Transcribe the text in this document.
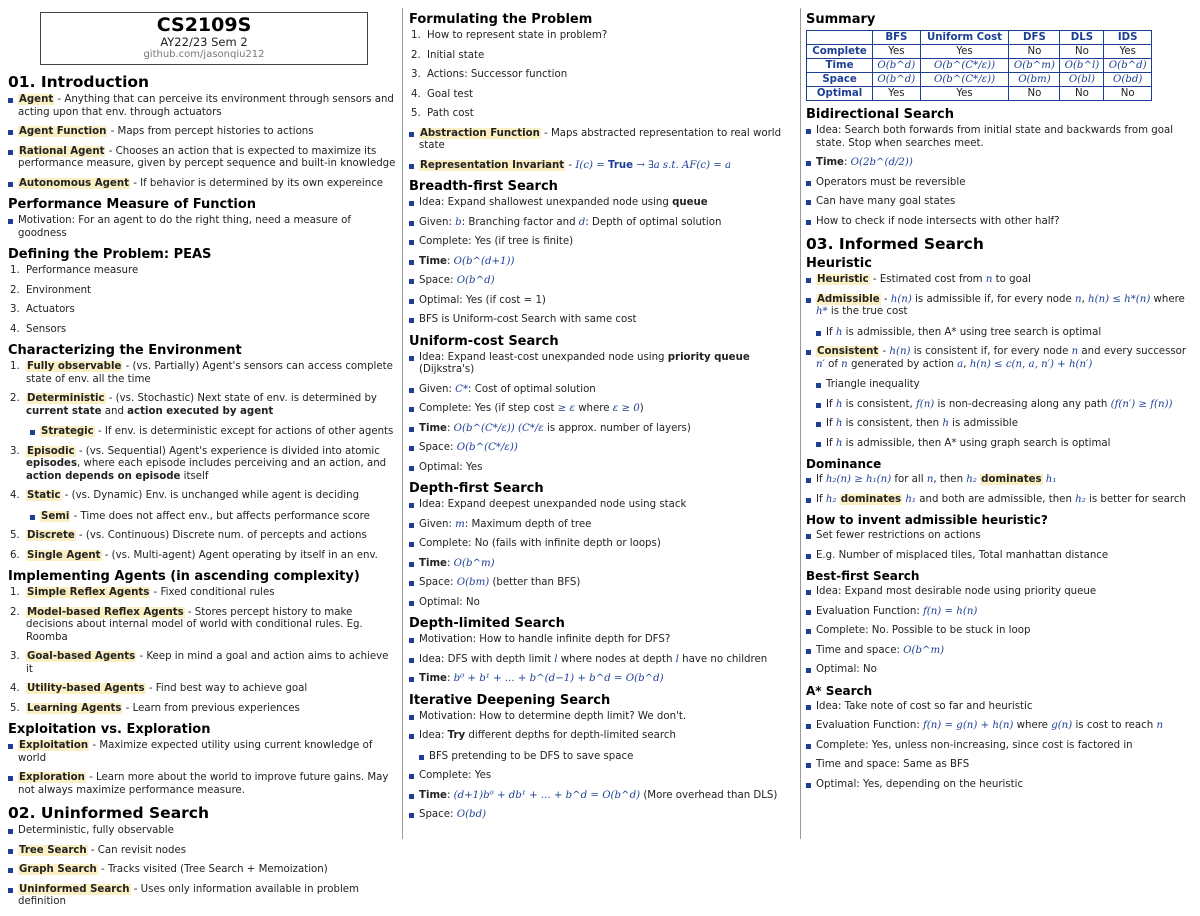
CS2109S
AY22/23 Sem 2
github.com/jasonqiu212
01. Introduction
Agent - Anything that can perceive its environment through sensors and acting upon that env. through actuators
Agent Function - Maps from percept histories to actions
Rational Agent - Chooses an action that is expected to maximize its performance measure, given by percept sequence and built-in knowledge
Autonomous Agent - If behavior is determined by its own expereince
Performance Measure of Function
Motivation: For an agent to do the right thing, need a measure of goodness
Defining the Problem: PEAS
Performance measure
Environment
Actuators
Sensors
Characterizing the Environment
Fully observable - (vs. Partially) Agent's sensors can access complete state of env. all the time
Deterministic - (vs. Stochastic) Next state of env. is determined by current state and action executed by agent
Strategic - If env. is deterministic except for actions of other agents
Episodic - (vs. Sequential) Agent's experience is divided into atomic episodes, where each episode includes perceiving and an action, and action depends on episode itself
Static - (vs. Dynamic) Env. is unchanged while agent is deciding
Semi - Time does not affect env., but affects performance score
Discrete - (vs. Continuous) Discrete num. of percepts and actions
Single Agent - (vs. Multi-agent) Agent operating by itself in an env.
Implementing Agents (in ascending complexity)
Simple Reflex Agents - Fixed conditional rules
Model-based Reflex Agents - Stores percept history to make decisions about internal model of world with conditional rules. Eg. Roomba
Goal-based Agents - Keep in mind a goal and action aims to achieve it
Utility-based Agents - Find best way to achieve goal
Learning Agents - Learn from previous experiences
Exploitation vs. Exploration
Exploitation - Maximize expected utility using current knowledge of world
Exploration - Learn more about the world to improve future gains. May not always maximize performance measure.
02. Uninformed Search
Deterministic, fully observable
Tree Search - Can revisit nodes
Graph Search - Tracks visited (Tree Search + Memoization)
Uninformed Search - Uses only information available in problem definition
Formulating the Problem
How to represent state in problem?
Initial state
Actions: Successor function
Goal test
Path cost
Abstraction Function - Maps abstracted representation to real world state
Representation Invariant - I(c) = True → ∃a s.t. AF(c) = a
Breadth-first Search
Idea: Expand shallowest unexpanded node using queue
Given: b: Branching factor and d: Depth of optimal solution
Complete: Yes (if tree is finite)
Time: O(b^(d+1))
Space: O(b^d)
Optimal: Yes (if cost = 1)
BFS is Uniform-cost Search with same cost
Uniform-cost Search
Idea: Expand least-cost unexpanded node using priority queue (Dijkstra's)
Given: C*: Cost of optimal solution
Complete: Yes (if step cost ≥ ε where ε ≥ 0)
Time: O(b^(C*/ε)) (C*/ε is approx. number of layers)
Space: O(b^(C*/ε))
Optimal: Yes
Depth-first Search
Idea: Expand deepest unexpanded node using stack
Given: m: Maximum depth of tree
Complete: No (fails with infinite depth or loops)
Time: O(b^m)
Space: O(bm) (better than BFS)
Optimal: No
Depth-limited Search
Motivation: How to handle infinite depth for DFS?
Idea: DFS with depth limit l where nodes at depth l have no children
Time: b⁰ + b¹ + ... + b^(d−1) + b^d = O(b^d)
Iterative Deepening Search
Motivation: How to determine depth limit? We don't.
Idea: Try different depths for depth-limited search
BFS pretending to be DFS to save space
Complete: Yes
Time: (d+1)b⁰ + db¹ + ... + b^d = O(b^d) (More overhead than DLS)
Space: O(bd)
Summary
	BFS	Uniform Cost	DFS	DLS	IDS
Complete	Yes	Yes	No	No	Yes
Time	O(b^d)	O(b^(C*/ε))	O(b^m)	O(b^l)	O(b^d)
Space	O(b^d)	O(b^(C*/ε))	O(bm)	O(bl)	O(bd)
Optimal	Yes	Yes	No	No	No
Bidirectional Search
Idea: Search both forwards from initial state and backwards from goal state. Stop when searches meet.
Time: O(2b^(d/2))
Operators must be reversible
Can have many goal states
How to check if node intersects with other half?
03. Informed Search
Heuristic
Heuristic - Estimated cost from n to goal
Admissible - h(n) is admissible if, for every node n, h(n) ≤ h*(n) where h* is the true cost
If h is admissible, then A* using tree search is optimal
Consistent - h(n) is consistent if, for every node n and every successor n′ of n generated by action a, h(n) ≤ c(n, a, n′) + h(n′)
Triangle inequality
If h is consistent, f(n) is non-decreasing along any path (f(n′) ≥ f(n))
If h is consistent, then h is admissible
If h is admissible, then A* using graph search is optimal
Dominance
If h₂(n) ≥ h₁(n) for all n, then h₂ dominates h₁
If h₂ dominates h₁ and both are admissible, then h₂ is better for search
How to invent admissible heuristic?
Set fewer restrictions on actions
E.g. Number of misplaced tiles, Total manhattan distance
Best-first Search
Idea: Expand most desirable node using priority queue
Evaluation Function: f(n) = h(n)
Complete: No. Possible to be stuck in loop
Time and space: O(b^m)
Optimal: No
A* Search
Idea: Take note of cost so far and heuristic
Evaluation Function: f(n) = g(n) + h(n) where g(n) is cost to reach n
Complete: Yes, unless non-increasing, since cost is factored in
Time and space: Same as BFS
Optimal: Yes, depending on the heuristic
